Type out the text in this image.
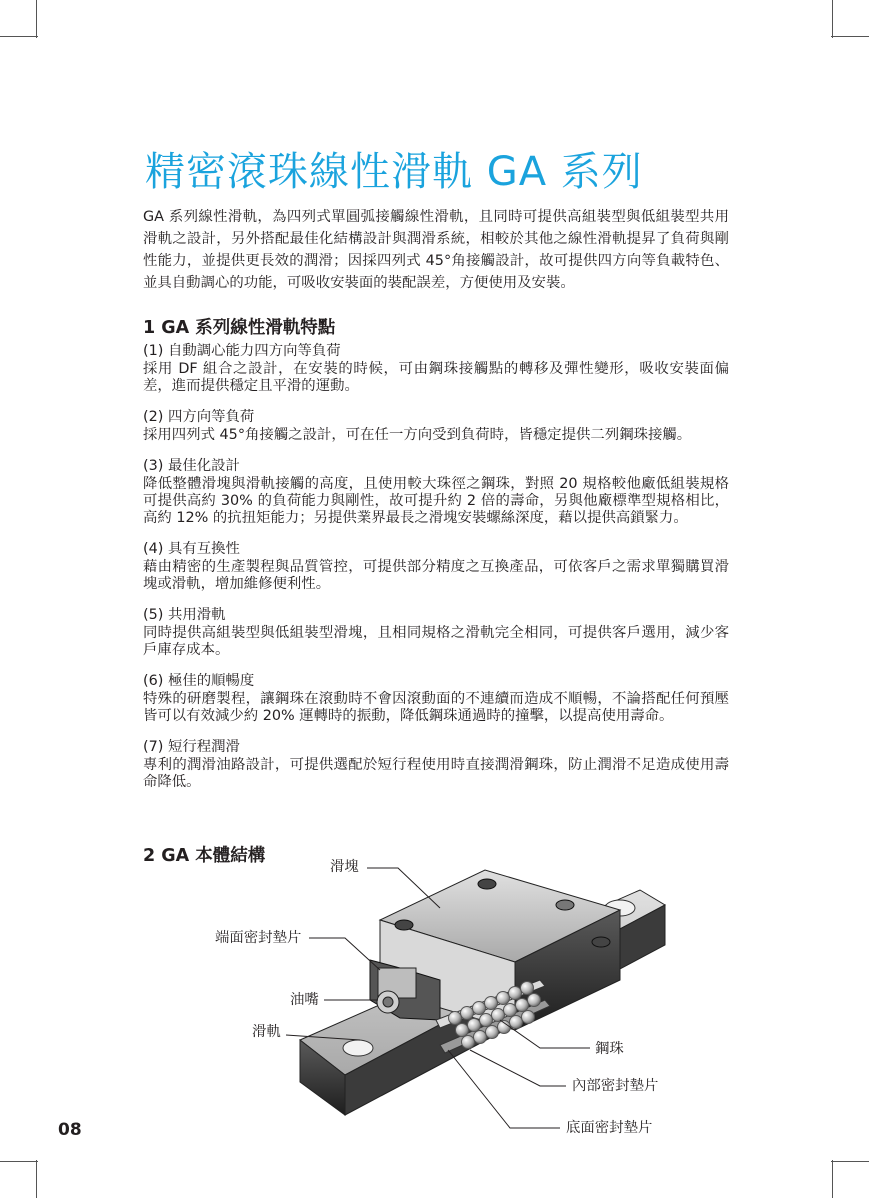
精密滾珠線性滑軌 GA 系列

GA 系列線性滑軌，為四列式單圓弧接觸線性滑軌，且同時可提供高組裝型與低組裝型共用滑軌之設計，另外搭配最佳化結構設計與潤滑系統，相較於其他之線性滑軌提昇了負荷與剛性能力，並提供更長效的潤滑；因採四列式 45°角接觸設計，故可提供四方向等負載特色、並具自動調心的功能，可吸收安裝面的裝配誤差，方便使用及安裝。

1 GA 系列線性滑軌特點
(1) 自動調心能力四方向等負荷

採用 DF 組合之設計，在安裝的時候，可由鋼珠接觸點的轉移及彈性變形，吸收安裝面偏差，進而提供穩定且平滑的運動。

(2) 四方向等負荷

採用四列式 45°角接觸之設計，可在任一方向受到負荷時，皆穩定提供二列鋼珠接觸。

(3) 最佳化設計

降低整體滑塊與滑軌接觸的高度，且使用較大珠徑之鋼珠，對照 20 規格較他廠低組裝規格可提供高約 30% 的負荷能力與剛性，故可提升約 2 倍的壽命，另與他廠標準型規格相比，高約 12% 的抗扭矩能力；另提供業界最長之滑塊安裝螺絲深度，藉以提供高鎖緊力。

(4) 具有互換性

藉由精密的生產製程與品質管控，可提供部分精度之互換產品，可依客戶之需求單獨購買滑塊或滑軌，增加維修便利性。

(5) 共用滑軌

同時提供高組裝型與低組裝型滑塊，且相同規格之滑軌完全相同，可提供客戶選用，減少客戶庫存成本。

(6) 極佳的順暢度

特殊的研磨製程，讓鋼珠在滾動時不會因滾動面的不連續而造成不順暢，不論搭配任何預壓皆可以有效減少約 20% 運轉時的振動，降低鋼珠通過時的撞擊，以提高使用壽命。

(7) 短行程潤滑

專利的潤滑油路設計，可提供選配於短行程使用時直接潤滑鋼珠，防止潤滑不足造成使用壽命降低。

2 GA 本體結構
滑塊
端面密封墊片
油嘴
滑軌
鋼珠
內部密封墊片
底面密封墊片
08
